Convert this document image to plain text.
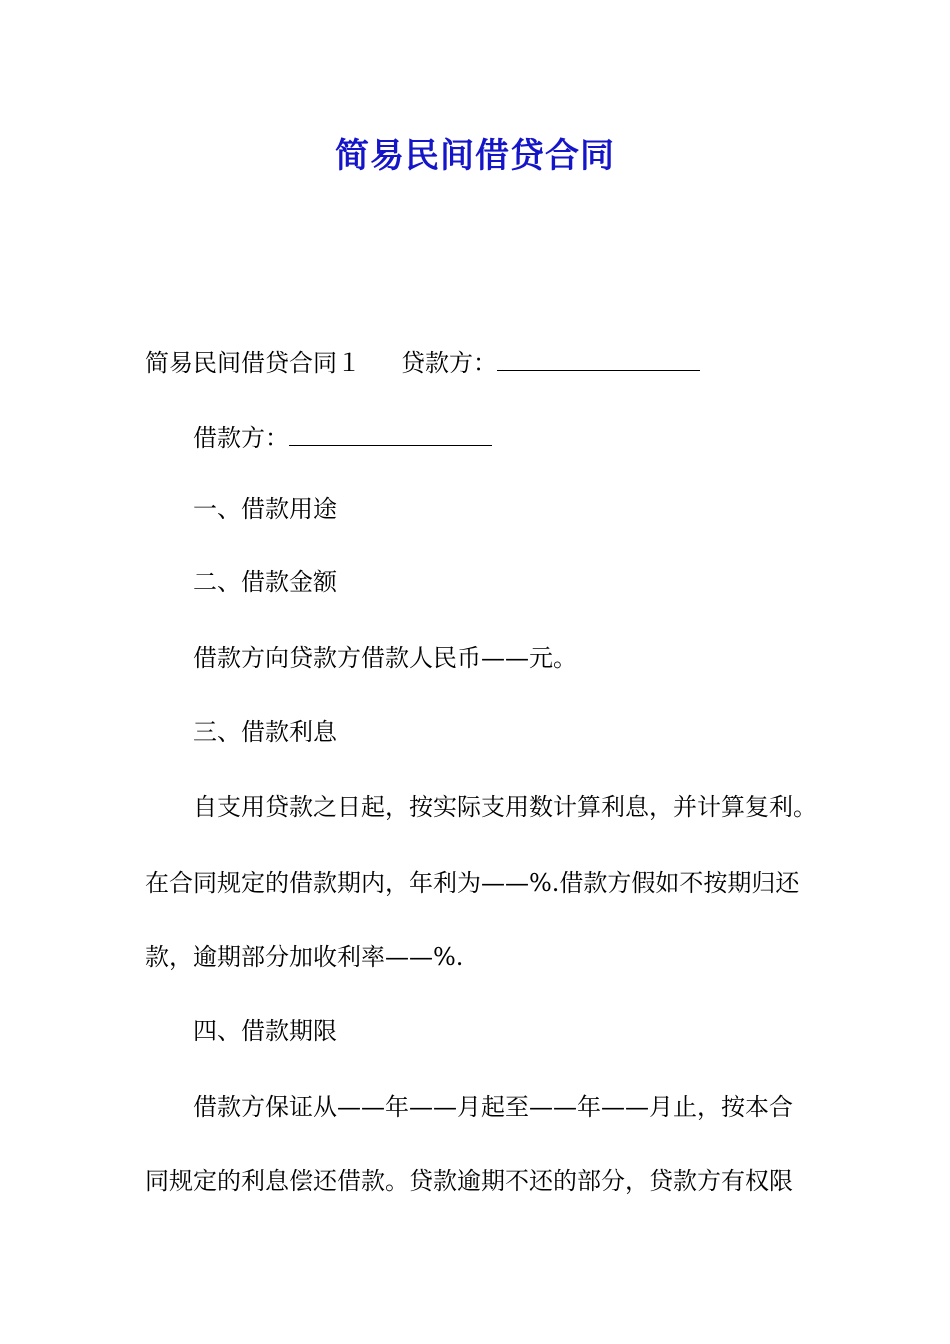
简易民间借贷合同
简易民间借贷合同１ 贷款方：
借款方：
一、借款用途
二、借款金额
借款方向贷款方借款人民币——元。
三、借款利息
自支用贷款之日起，按实际支用数计算利息，并计算复利。
在合同规定的借款期内，年利为——%.借款方假如不按期归还
款，逾期部分加收利率——%.
四、借款期限
借款方保证从——年——月起至——年——月止，按本合
同规定的利息偿还借款。贷款逾期不还的部分，贷款方有权限
